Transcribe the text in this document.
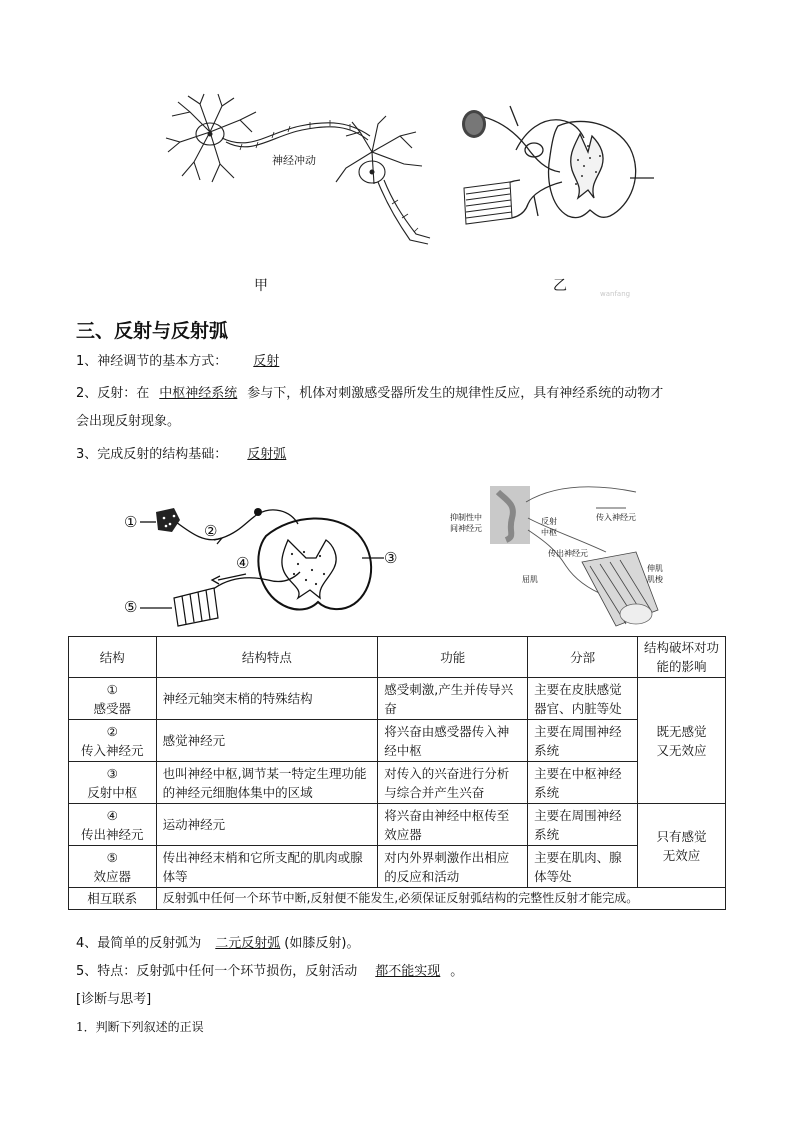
神经冲动
甲	乙	wanfang
三、反射与反射弧
1、神经调节的基本方式： 反射
2、反射：在 中枢神经系统 参与下，机体对刺激感受器所发生的规律性反应，具有神经系统的动物才
会出现反射现象。
3、完成反射的结构基础： 反射弧
①	②
③
④
⑤
抑制性中间神经元
反射中枢
传入神经元
传出神经元
伸肌
肌梭
屈肌
结构	结构特点	功能	分部	结构破坏对功能的影响

①
感受器	神经元轴突末梢的特殊结构	感受刺激,产生并传导兴奋	主要在皮肤感觉器官、内脏等处	既无感觉又无效应

②
传入神经元	感觉神经元	将兴奋由感受器传入神经中枢	主要在周围神经系统	

③
反射中枢	也叫神经中枢,调节某一特定生理功能的神经元细胞体集中的区域	对传入的兴奋进行分析与综合并产生兴奋	主要在中枢神经系统	

④
传出神经元	运动神经元	将兴奋由神经中枢传至效应器	主要在周围神经系统	只有感觉无效应

⑤
效应器	传出神经末梢和它所支配的肌肉或腺体等	对内外界刺激作出相应的反应和活动	主要在肌肉、腺体等处	
相互联系	反射弧中任何一个环节中断,反射便不能发生,必须保证反射弧结构的完整性反射才能完成。			
4、最简单的反射弧为 二元反射弧 (如膝反射)。
5、特点：反射弧中任何一个环节损伤，反射活动 都不能实现 。
[诊断与思考]
1．判断下列叙述的正误
